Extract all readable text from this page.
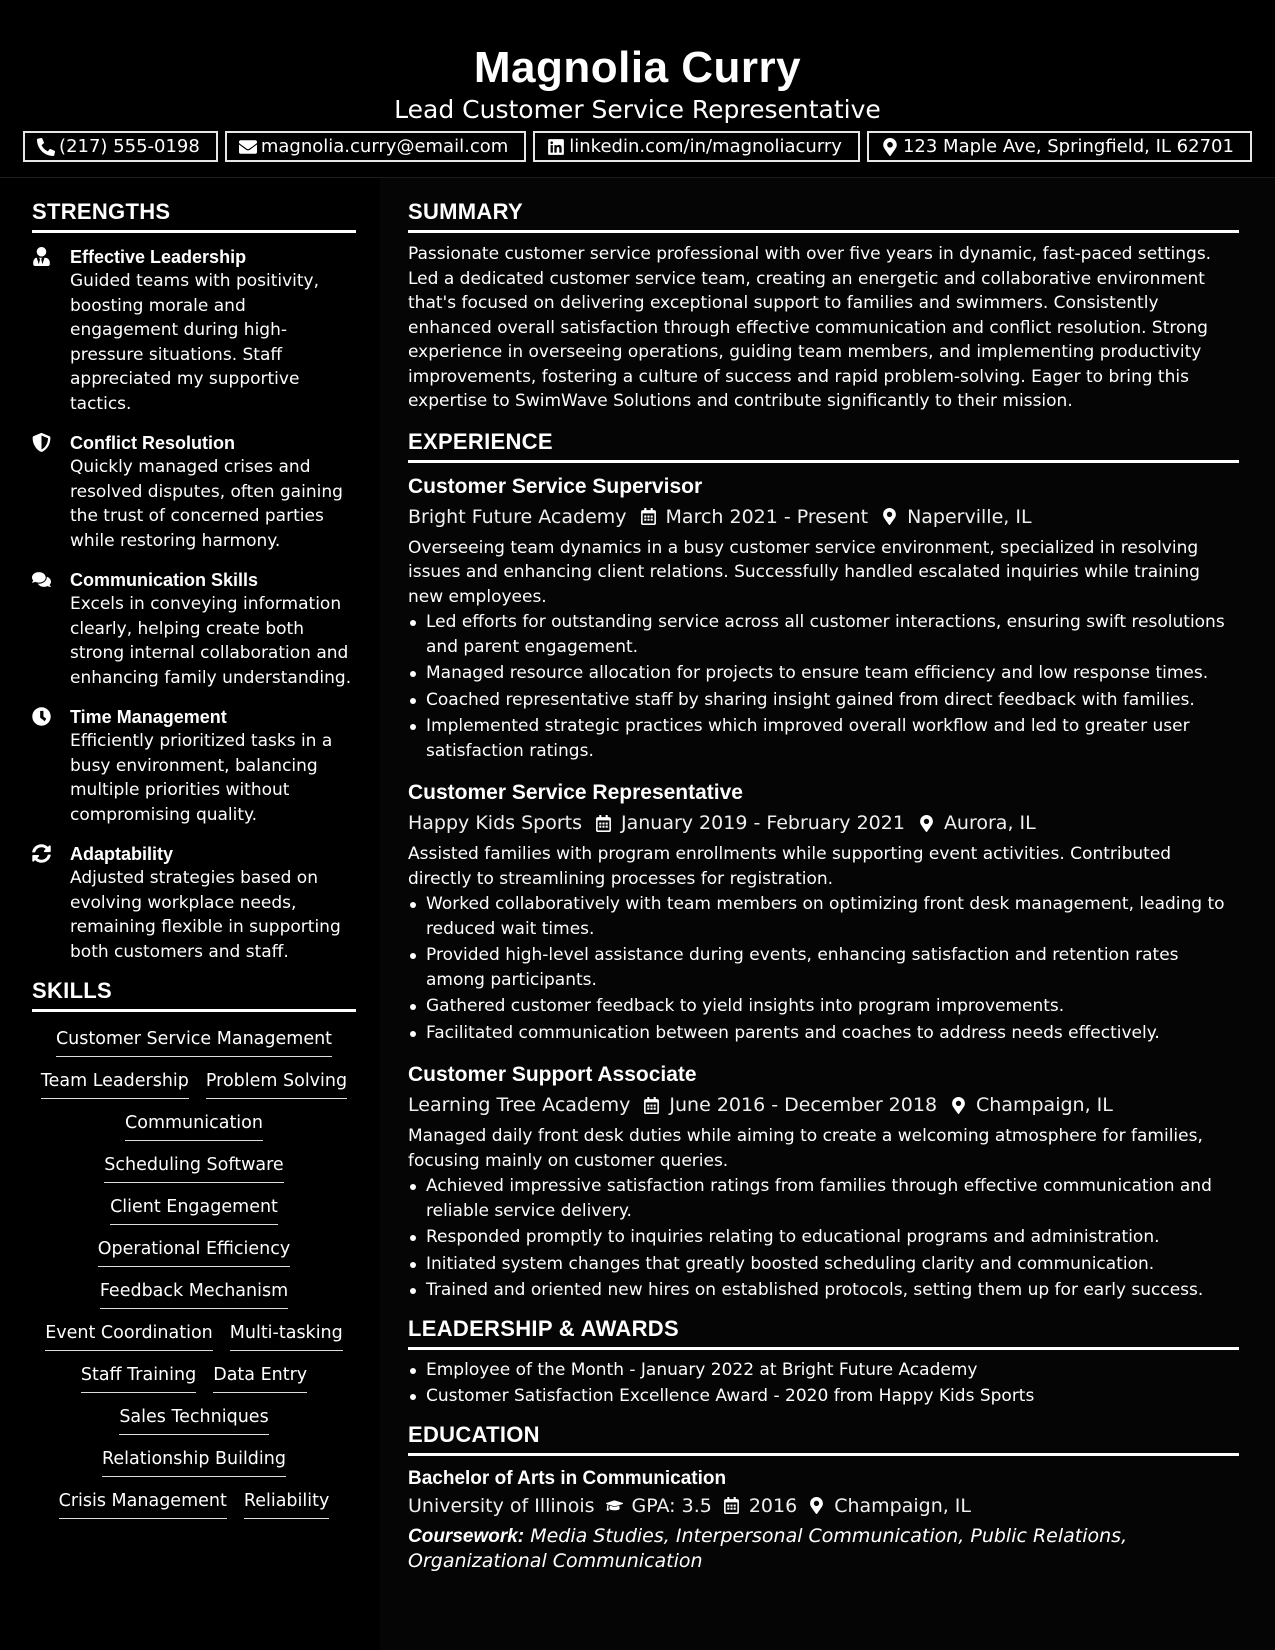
Magnolia Curry
Lead Customer Service Representative
(217) 555-0198	magnolia.curry@email.com	linkedin.com/in/magnoliacurry	123 Maple Ave, Springfield, IL 62701
STRENGTHS
Effective Leadership
Guided teams with positivity, boosting morale and engagement during high-pressure situations. Staff appreciated my supportive tactics.
Conflict Resolution
Quickly managed crises and resolved disputes, often gaining the trust of concerned parties while restoring harmony.
Communication Skills
Excels in conveying information clearly, helping create both strong internal collaboration and enhancing family understanding.
Time Management
Efficiently prioritized tasks in a busy environment, balancing multiple priorities without compromising quality.
Adaptability
Adjusted strategies based on evolving workplace needs, remaining flexible in supporting both customers and staff.
SKILLS
Customer Service Management
Team Leadership Problem Solving
Communication
Scheduling Software
Client Engagement
Operational Efficiency
Feedback Mechanism
Event Coordination Multi-tasking
Staff Training Data Entry
Sales Techniques
Relationship Building
Crisis Management Reliability
SUMMARY

Passionate customer service professional with over five years in dynamic, fast-paced settings. Led a dedicated customer service team, creating an energetic and collaborative environment that's focused on delivering exceptional support to families and swimmers. Consistently enhanced overall satisfaction through effective communication and conflict resolution. Strong experience in overseeing operations, guiding team members, and implementing productivity improvements, fostering a culture of success and rapid problem-solving. Eager to bring this expertise to SwimWave Solutions and contribute significantly to their mission.

EXPERIENCE
Customer Service Supervisor
Bright Future Academy March 2021 - Present Naperville, IL

Overseeing team dynamics in a busy customer service environment, specialized in resolving issues and enhancing client relations. Successfully handled escalated inquiries while training new employees.

Led efforts for outstanding service across all customer interactions, ensuring swift resolutions and parent engagement.
Managed resource allocation for projects to ensure team efficiency and low response times.
Coached representative staff by sharing insight gained from direct feedback with families.
Implemented strategic practices which improved overall workflow and led to greater user satisfaction ratings.
Customer Service Representative
Happy Kids Sports January 2019 - February 2021 Aurora, IL

Assisted families with program enrollments while supporting event activities. Contributed directly to streamlining processes for registration.

Worked collaboratively with team members on optimizing front desk management, leading to reduced wait times.
Provided high-level assistance during events, enhancing satisfaction and retention rates among participants.
Gathered customer feedback to yield insights into program improvements.
Facilitated communication between parents and coaches to address needs effectively.
Customer Support Associate
Learning Tree Academy June 2016 - December 2018 Champaign, IL

Managed daily front desk duties while aiming to create a welcoming atmosphere for families, focusing mainly on customer queries.

Achieved impressive satisfaction ratings from families through effective communication and reliable service delivery.
Responded promptly to inquiries relating to educational programs and administration.
Initiated system changes that greatly boosted scheduling clarity and communication.
Trained and oriented new hires on established protocols, setting them up for early success.
LEADERSHIP & AWARDS
Employee of the Month - January 2022 at Bright Future Academy
Customer Satisfaction Excellence Award - 2020 from Happy Kids Sports
EDUCATION
Bachelor of Arts in Communication
University of Illinois GPA: 3.5 2016 Champaign, IL

Coursework: Media Studies, Interpersonal Communication, Public Relations, Organizational Communication
